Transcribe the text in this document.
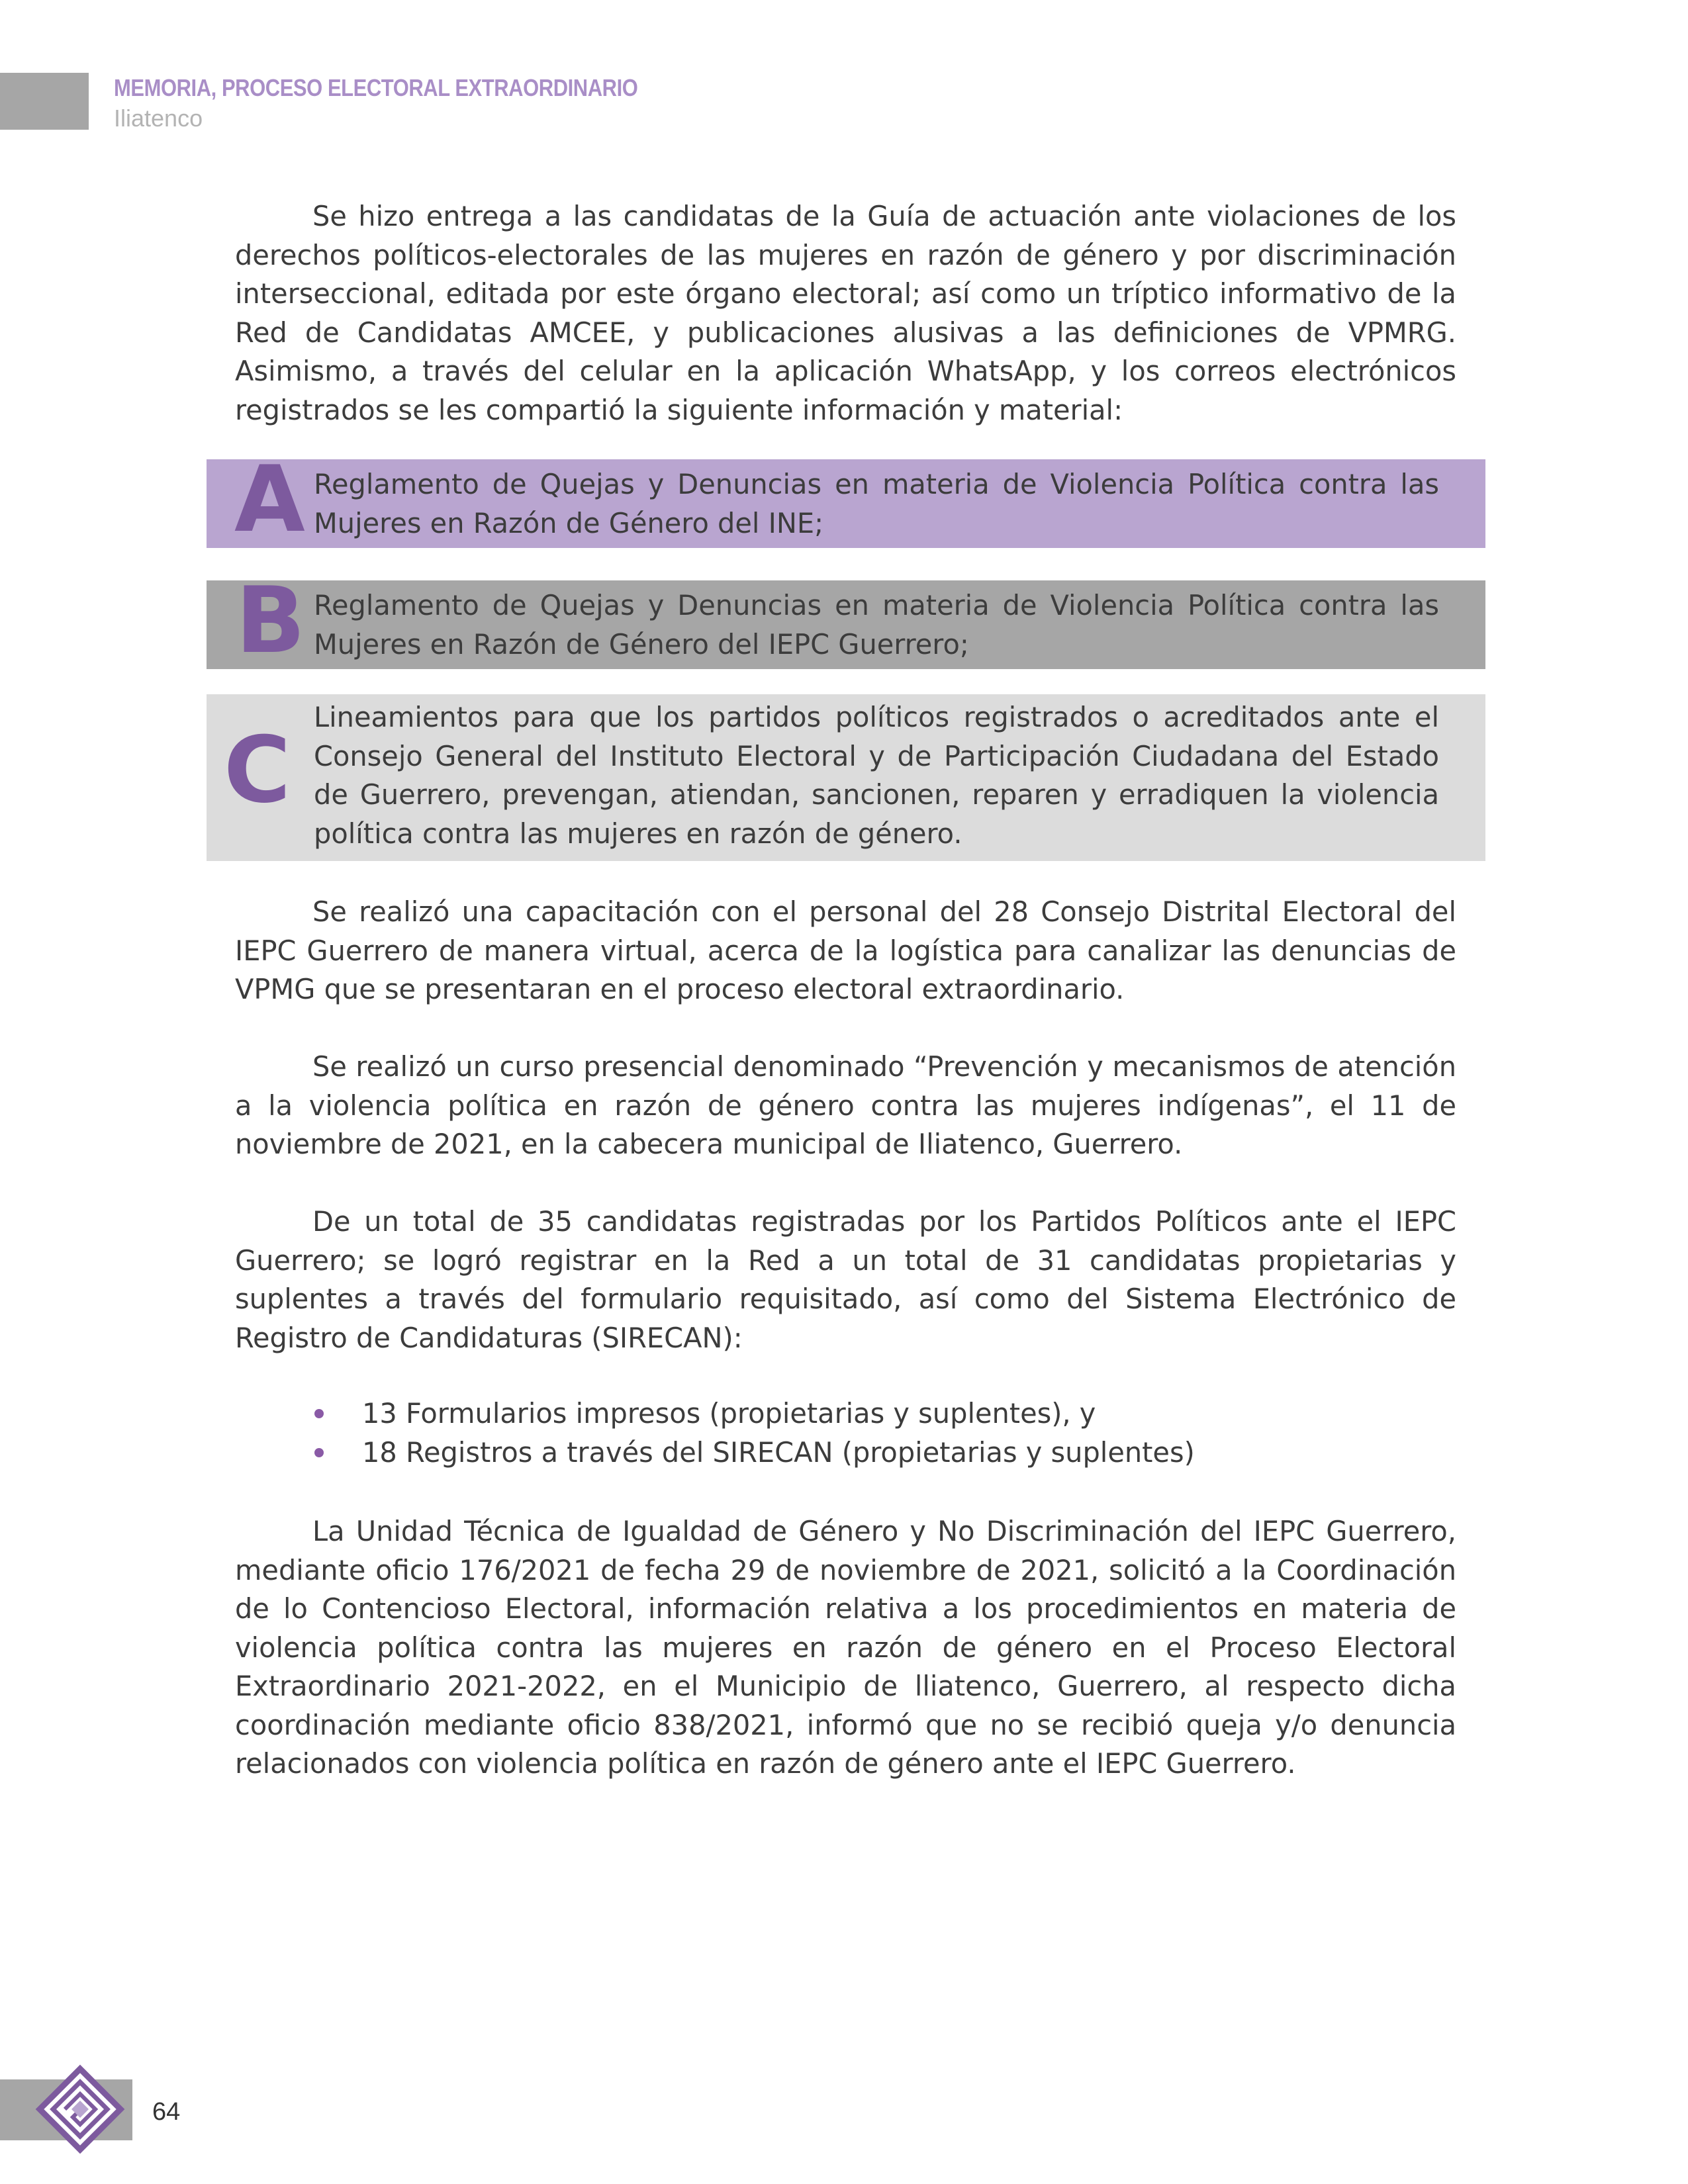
MEMORIA, PROCESO ELECTORAL EXTRAORDINARIO
Iliatenco

Se hizo entrega a las candidatas de la Guía de actuación ante violaciones de los derechos políticos-electorales de las mujeres en razón de género y por discriminación interseccional, editada por este órgano electoral; así como un tríptico informativo de la Red de Candidatas AMCEE, y publicaciones alusivas a las definiciones de VPMRG. Asimismo, a través del celular en la aplicación WhatsApp, y los correos electrónicos registrados se les compartió la siguiente información y material:

A Reglamento de Quejas y Denuncias en materia de Violencia Política contra las Mujeres en Razón de Género del INE;

B Reglamento de Quejas y Denuncias en materia de Violencia Política contra las Mujeres en Razón de Género del IEPC Guerrero;

C Lineamientos para que los partidos políticos registrados o acreditados ante el Consejo General del Instituto Electoral y de Participación Ciudadana del Estado de Guerrero, prevengan, atiendan, sancionen, reparen y erradiquen la violencia política contra las mujeres en razón de género.

Se realizó una capacitación con el personal del 28 Consejo Distrital Electoral del IEPC Guerrero de manera virtual, acerca de la logística para canalizar las denuncias de VPMG que se presentaran en el proceso electoral extraordinario.

Se realizó un curso presencial denominado “Prevención y mecanismos de atención a la violencia política en razón de género contra las mujeres indígenas”, el 11 de noviembre de 2021, en la cabecera municipal de Iliatenco, Guerrero.

De un total de 35 candidatas registradas por los Partidos Políticos ante el IEPC Guerrero; se logró registrar en la Red a un total de 31 candidatas propietarias y suplentes a través del formulario requisitado, así como del Sistema Electrónico de Registro de Candidaturas (SIRECAN):

13 Formularios impresos (propietarias y suplentes), y
18 Registros a través del SIRECAN (propietarias y suplentes)

La Unidad Técnica de Igualdad de Género y No Discriminación del IEPC Guerrero, mediante oficio 176/2021 de fecha 29 de noviembre de 2021, solicitó a la Coordinación de lo Contencioso Electoral, información relativa a los procedimientos en materia de violencia política contra las mujeres en razón de género en el Proceso Electoral Extraordinario 2021-2022, en el Municipio de lliatenco, Guerrero, al respecto dicha coordinación mediante oficio 838/2021, informó que no se recibió queja y/o denuncia relacionados con violencia política en razón de género ante el IEPC Guerrero.

64
